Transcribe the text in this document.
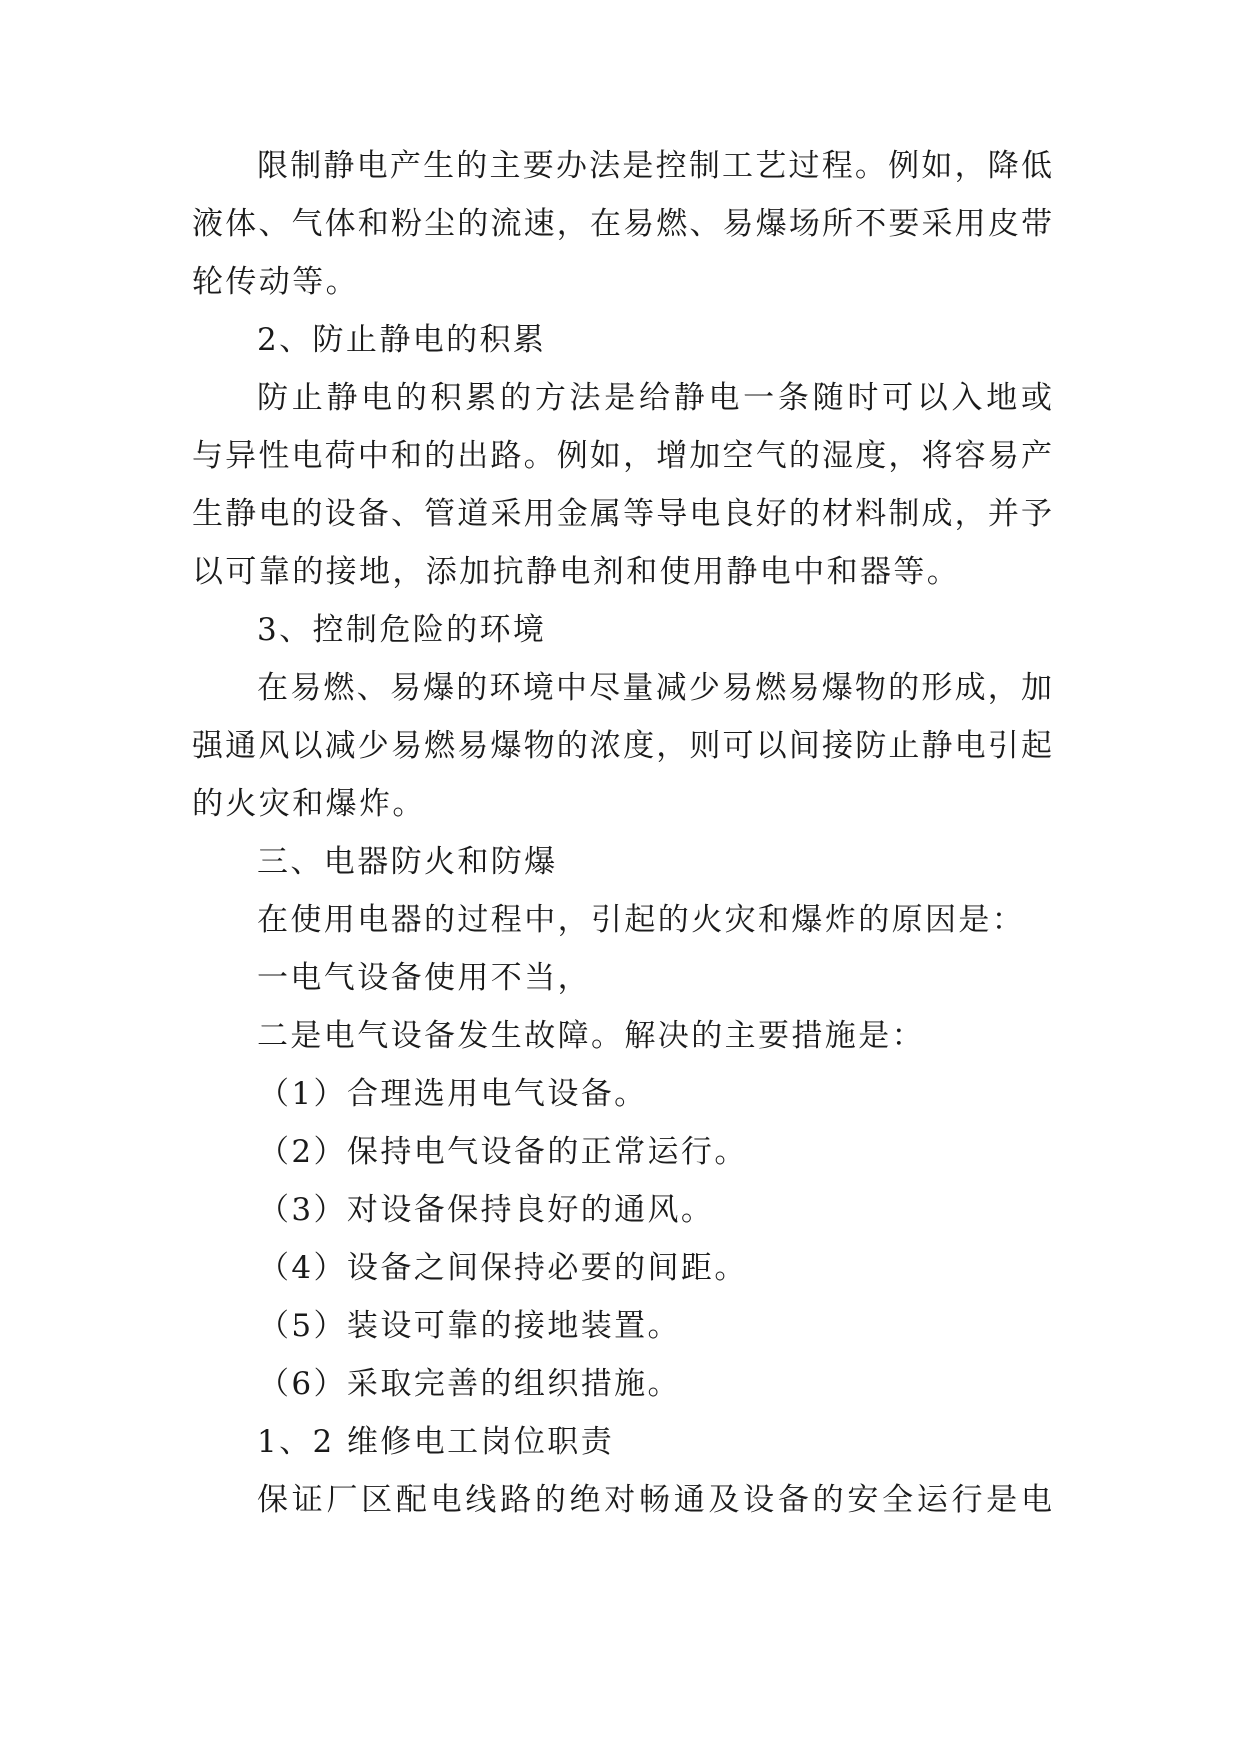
限制静电产生的主要办法是控制工艺过程。例如，降低
液体、气体和粉尘的流速，在易燃、易爆场所不要采用皮带
轮传动等。
2、防止静电的积累
防止静电的积累的方法是给静电一条随时可以入地或
与异性电荷中和的出路。例如，增加空气的湿度，将容易产
生静电的设备、管道采用金属等导电良好的材料制成，并予
以可靠的接地，添加抗静电剂和使用静电中和器等。
3、控制危险的环境
在易燃、易爆的环境中尽量减少易燃易爆物的形成，加
强通风以减少易燃易爆物的浓度，则可以间接防止静电引起
的火灾和爆炸。
三、电器防火和防爆
在使用电器的过程中，引起的火灾和爆炸的原因是：
一电气设备使用不当，
二是电气设备发生故障。解决的主要措施是：
（1）合理选用电气设备。
（2）保持电气设备的正常运行。
（3）对设备保持良好的通风。
（4）设备之间保持必要的间距。
（5）装设可靠的接地装置。
（6）采取完善的组织措施。
1、2 维修电工岗位职责
保证厂区配电线路的绝对畅通及设备的安全运行是电
